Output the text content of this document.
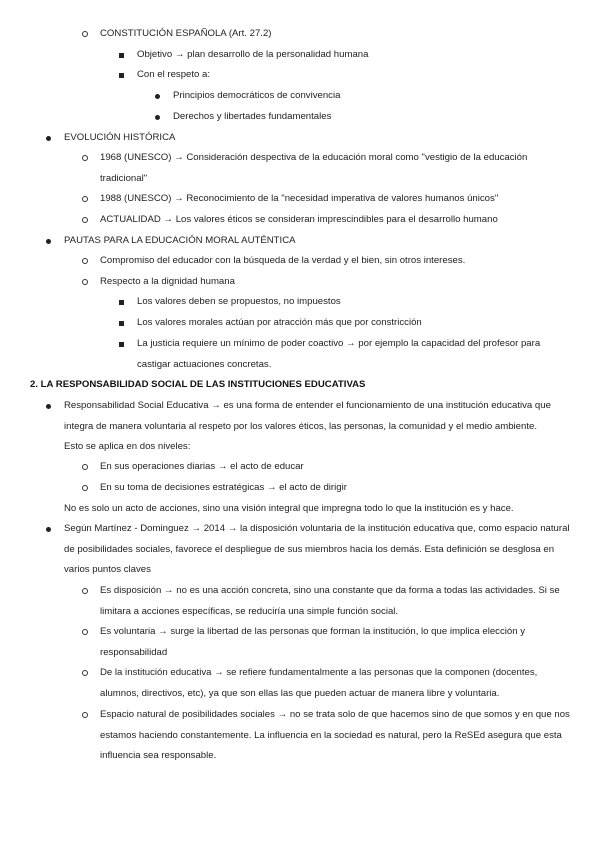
CONSTITUCIÓN ESPAÑOLA (Art. 27.2)
Objetivo → plan desarrollo de la personalidad humana
Con el respeto a:
Principios democráticos de convivencia
Derechos y libertades fundamentales
EVOLUCIÓN HISTÓRICA
1968 (UNESCO) → Consideración despectiva de la educación moral como "vestigio de la educación tradicional"
1988 (UNESCO) → Reconocimiento de la "necesidad imperativa de valores humanos únicos"
ACTUALIDAD → Los valores éticos se consideran imprescindibles para el desarrollo humano
PAUTAS PARA LA EDUCACIÓN MORAL AUTÉNTICA
Compromiso del educador con la búsqueda de la verdad y el bien, sin otros intereses.
Respecto a la dignidad humana
Los valores deben se propuestos, no impuestos
Los valores morales actúan por atracción más que por constricción
La justicia requiere un mínimo de poder coactivo → por ejemplo la capacidad del profesor para castigar actuaciones concretas.
2. LA RESPONSABILIDAD SOCIAL DE LAS INSTITUCIONES EDUCATIVAS
Responsabilidad Social Educativa → es una forma de entender el funcionamiento de una institución educativa que integra de manera voluntaria al respeto por los valores éticos, las personas, la comunidad y el medio ambiente.
Esto se aplica en dos niveles:
En sus operaciones diarias → el acto de educar
En su toma de decisiones estratégicas → el acto de dirigir
No es solo un acto de acciones, sino una visión integral que impregna todo lo que la institución es y hace.
Según Martínez - Dominguez → 2014 → la disposición voluntaria de la institución educativa que, como espacio natural de posibilidades sociales, favorece el despliegue de sus miembros hacia los demás. Esta definición se desglosa en varios puntos claves
Es disposición → no es una acción concreta, sino una constante que da forma a todas las actividades. Si se limitara a acciones específicas, se reduciría una simple función social.
Es voluntaria → surge la libertad de las personas que forman la institución, lo que implica elección y responsabilidad
De la institución educativa → se refiere fundamentalmente a las personas que la componen (docentes, alumnos, directivos, etc), ya que son ellas las que pueden actuar de manera libre y voluntaria.
Espacio natural de posibilidades sociales → no se trata solo de que hacemos sino de que somos y en que nos estamos haciendo constantemente. La influencia en la sociedad es natural, pero la ReSEd asegura que esta influencia sea responsable.
